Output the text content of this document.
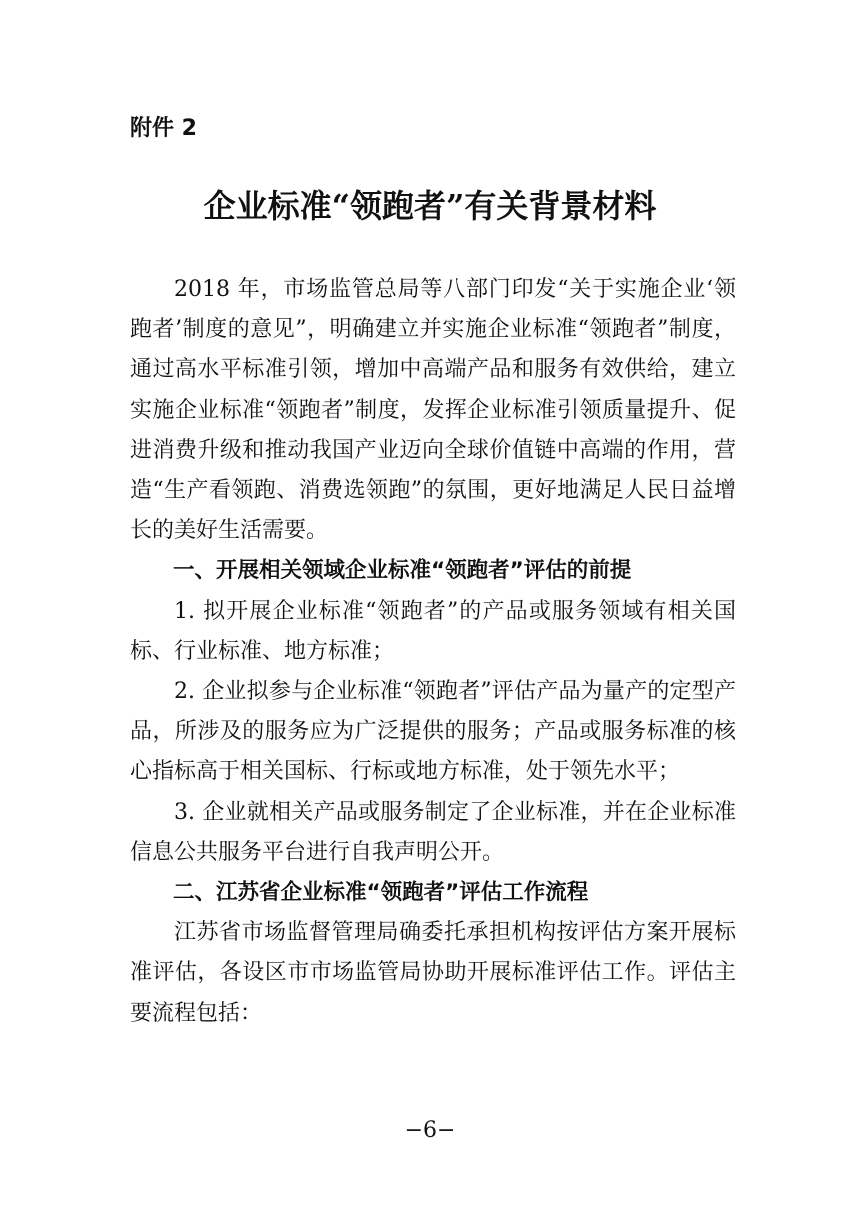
附件 2
企业标准“领跑者”有关背景材料

2018 年，市场监管总局等八部门印发“关于实施企业‘领跑者’制度的意见”，明确建立并实施企业标准“领跑者”制度，通过高水平标准引领，增加中高端产品和服务有效供给，建立实施企业标准“领跑者”制度，发挥企业标准引领质量提升、促进消费升级和推动我国产业迈向全球价值链中高端的作用，营造“生产看领跑、消费选领跑”的氛围，更好地满足人民日益增长的美好生活需要。

一、开展相关领域企业标准“领跑者”评估的前提

1. 拟开展企业标准“领跑者”的产品或服务领域有相关国标、行业标准、地方标准；

2. 企业拟参与企业标准“领跑者”评估产品为量产的定型产品，所涉及的服务应为广泛提供的服务；产品或服务标准的核心指标高于相关国标、行标或地方标准，处于领先水平；

3. 企业就相关产品或服务制定了企业标准，并在企业标准信息公共服务平台进行自我声明公开。

二、江苏省企业标准“领跑者”评估工作流程

江苏省市场监督管理局确委托承担机构按评估方案开展标准评估，各设区市市场监管局协助开展标准评估工作。评估主要流程包括：

−6−
